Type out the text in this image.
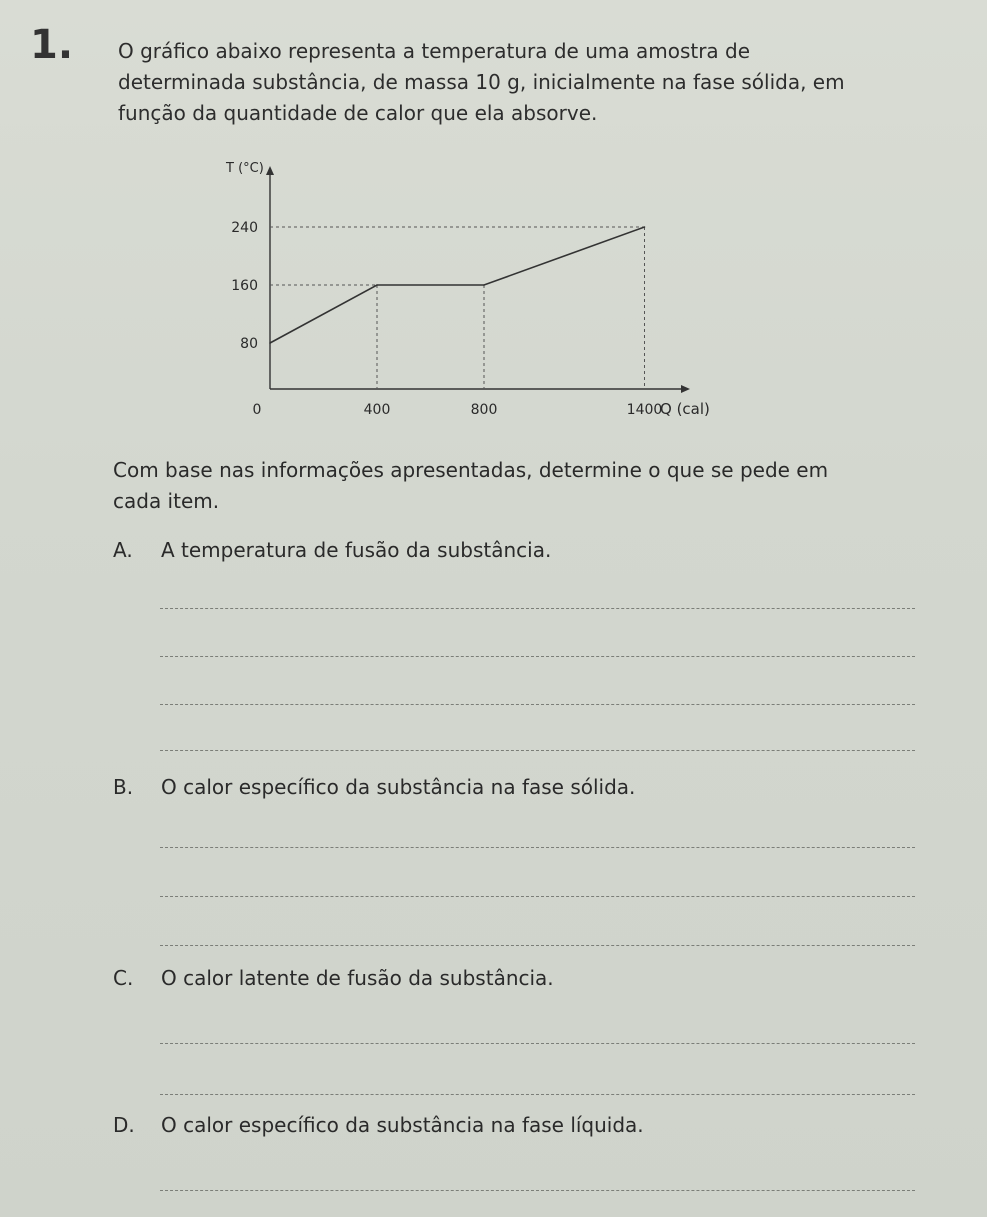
1. O gráfico abaixo representa a temperatura de uma amostra de
determinada substância, de massa 10 g, inicialmente na fase sólida, em
função da quantidade de calor que ela absorve.
T (°C)
Q (cal)
80
160
240
0	400	800	1400
Com base nas informações apresentadas, determine o que se pede em
cada item.
A. A temperatura de fusão da substância.
B. O calor específico da substância na fase sólida.
C. O calor latente de fusão da substância.
D. O calor específico da substância na fase líquida.
